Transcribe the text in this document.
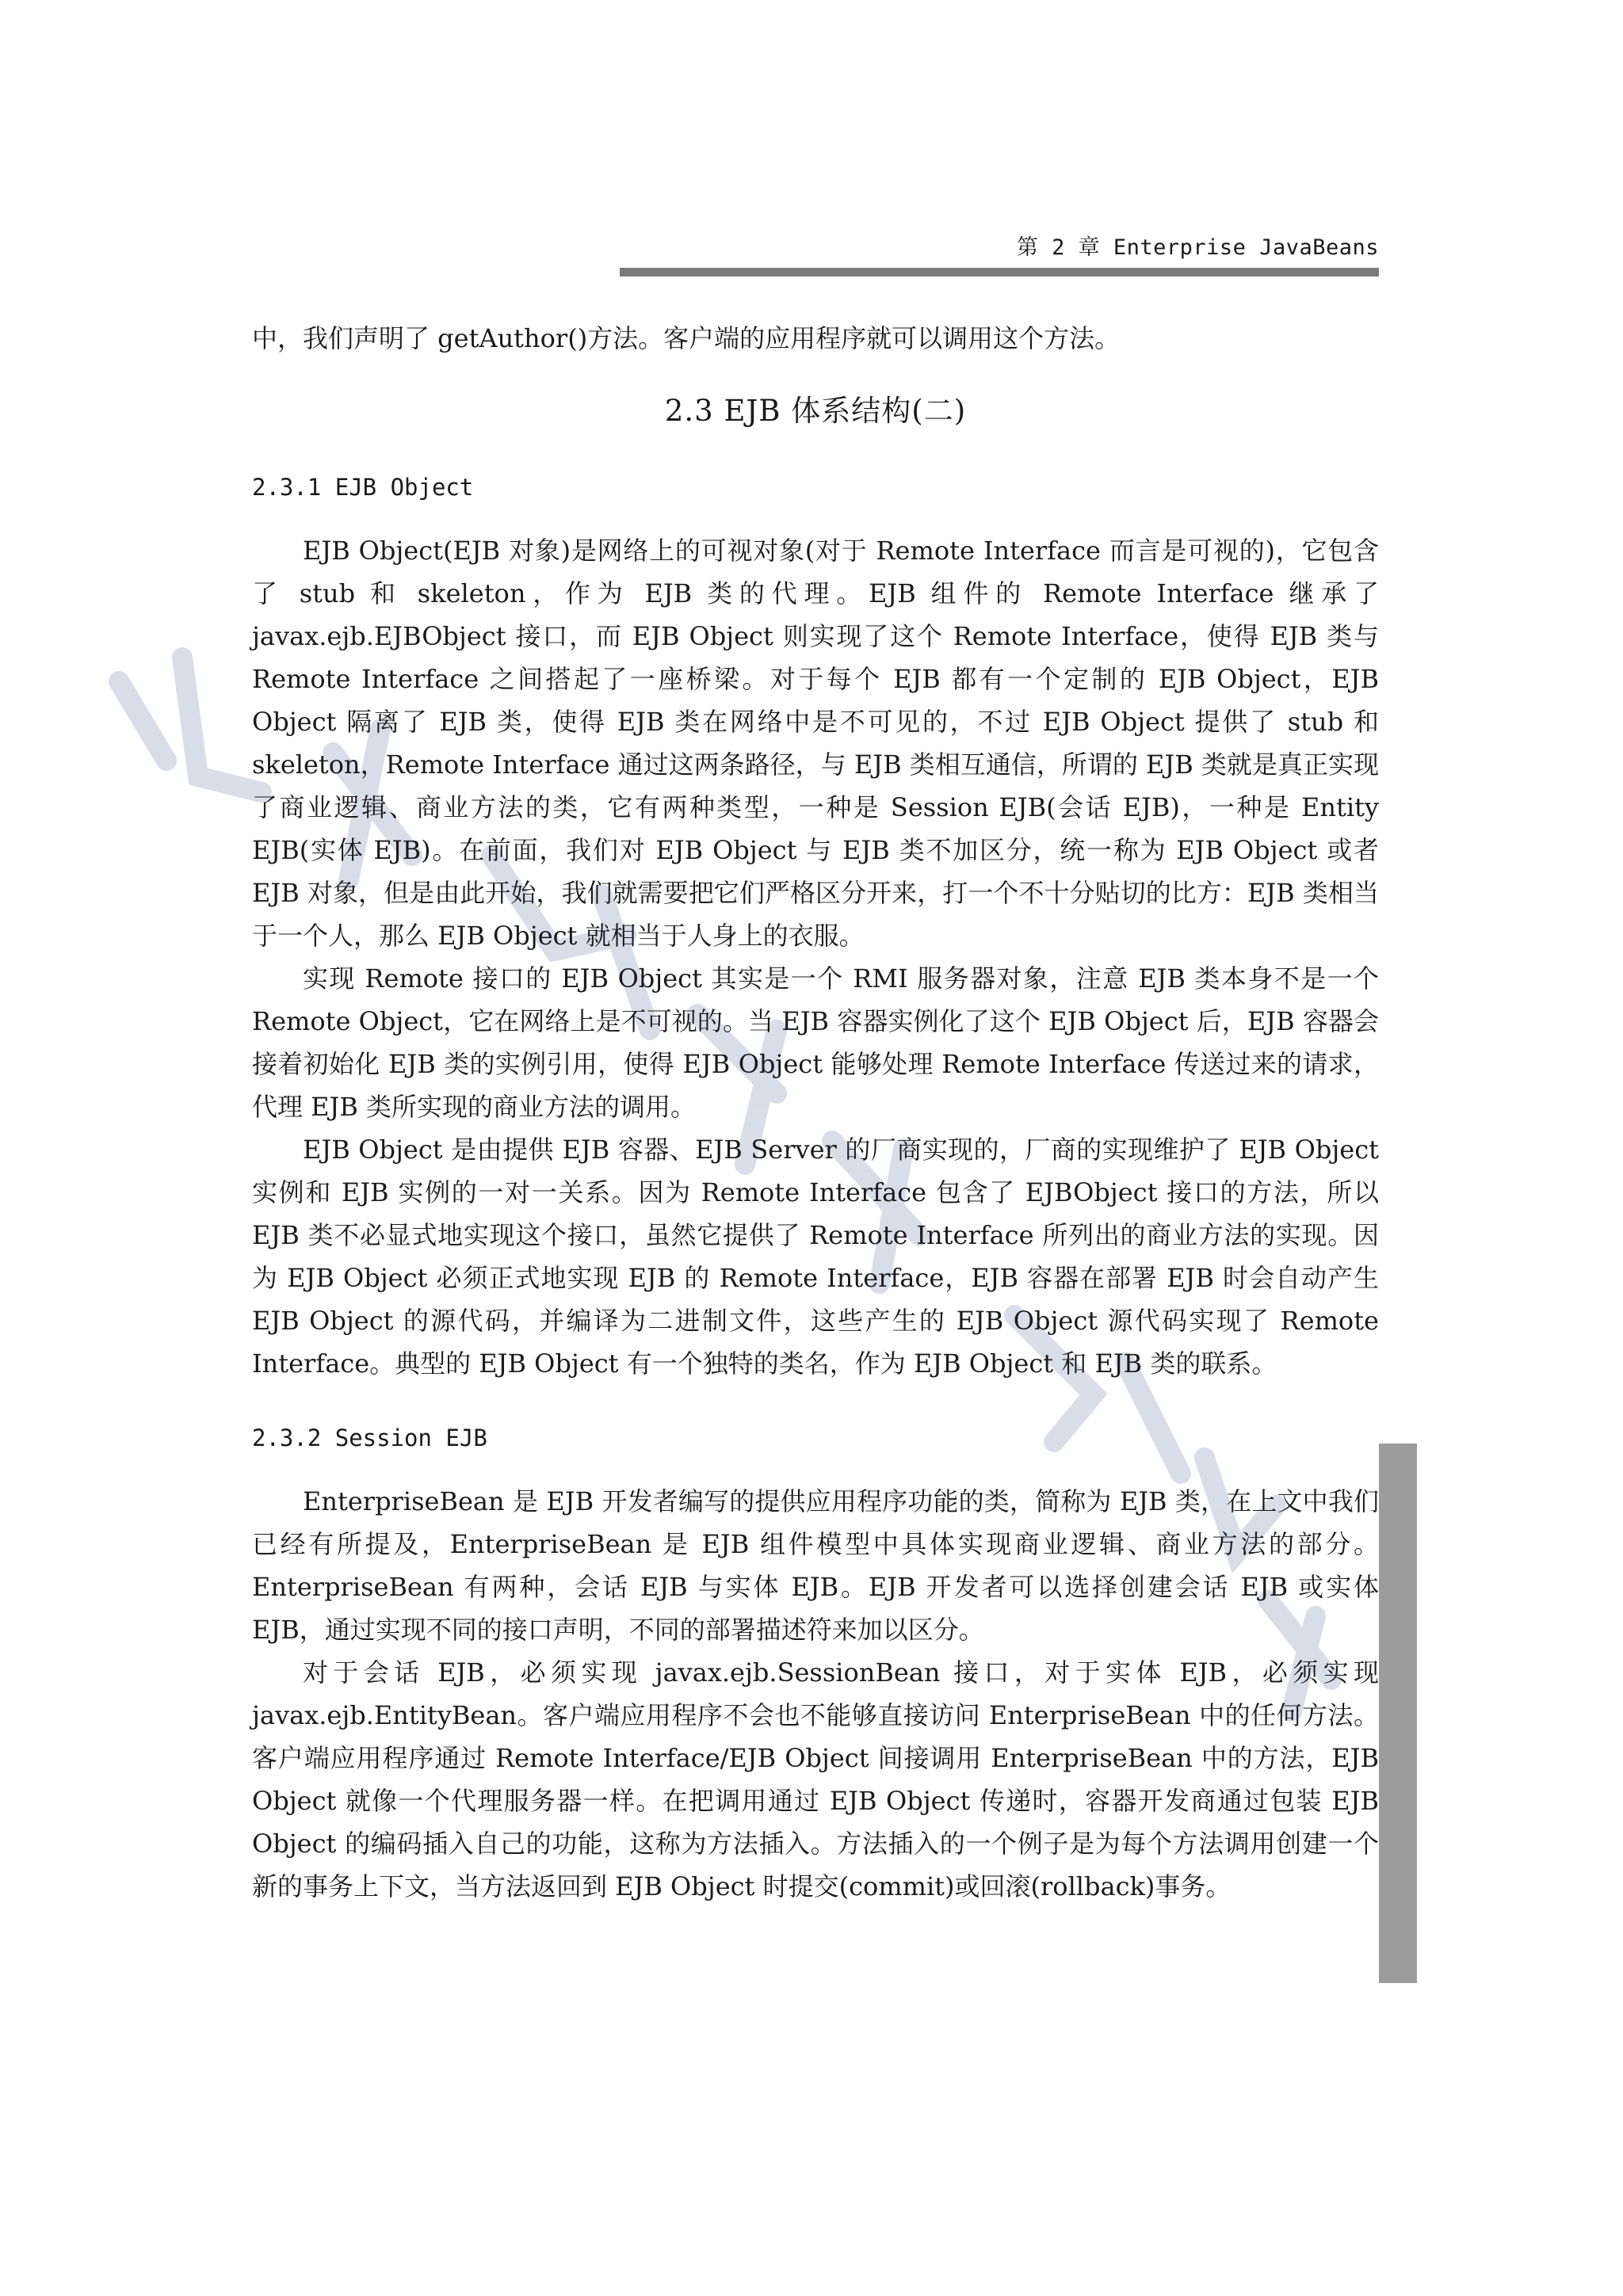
第 2 章 Enterprise JavaBeans

中，我们声明了 getAuthor()方法。客户端的应用程序就可以调用这个方法。

2.3 EJB 体系结构(二)
2.3.1 EJB Object

EJB Object(EJB 对象)是网络上的可视对象(对于 Remote Interface 而言是可视的)，它包含了 stub 和 skeleton，作为 EJB 类的代理。EJB 组件的 Remote Interface 继承了 javax.ejb.EJBObject 接口，而 EJB Object 则实现了这个 Remote Interface，使得 EJB 类与 Remote Interface 之间搭起了一座桥梁。对于每个 EJB 都有一个定制的 EJB Object，EJB Object 隔离了 EJB 类，使得 EJB 类在网络中是不可见的，不过 EJB Object 提供了 stub 和 skeleton，Remote Interface 通过这两条路径，与 EJB 类相互通信，所谓的 EJB 类就是真正实现了商业逻辑、商业方法的类，它有两种类型，一种是 Session EJB(会话 EJB)，一种是 Entity EJB(实体 EJB)。在前面，我们对 EJB Object 与 EJB 类不加区分，统一称为 EJB Object 或者 EJB 对象，但是由此开始，我们就需要把它们严格区分开来，打一个不十分贴切的比方：EJB 类相当于一个人，那么 EJB Object 就相当于人身上的衣服。

实现 Remote 接口的 EJB Object 其实是一个 RMI 服务器对象，注意 EJB 类本身不是一个 Remote Object，它在网络上是不可视的。当 EJB 容器实例化了这个 EJB Object 后，EJB 容器会接着初始化 EJB 类的实例引用，使得 EJB Object 能够处理 Remote Interface 传送过来的请求，代理 EJB 类所实现的商业方法的调用。

EJB Object 是由提供 EJB 容器、EJB Server 的厂商实现的，厂商的实现维护了 EJB Object 实例和 EJB 实例的一对一关系。因为 Remote Interface 包含了 EJBObject 接口的方法，所以 EJB 类不必显式地实现这个接口，虽然它提供了 Remote Interface 所列出的商业方法的实现。因为 EJB Object 必须正式地实现 EJB 的 Remote Interface，EJB 容器在部署 EJB 时会自动产生 EJB Object 的源代码，并编译为二进制文件，这些产生的 EJB Object 源代码实现了 Remote Interface。典型的 EJB Object 有一个独特的类名，作为 EJB Object 和 EJB 类的联系。

2.3.2 Session EJB

EnterpriseBean 是 EJB 开发者编写的提供应用程序功能的类，简称为 EJB 类，在上文中我们已经有所提及，EnterpriseBean 是 EJB 组件模型中具体实现商业逻辑、商业方法的部分。EnterpriseBean 有两种，会话 EJB 与实体 EJB。EJB 开发者可以选择创建会话 EJB 或实体 EJB，通过实现不同的接口声明，不同的部署描述符来加以区分。

对于会话 EJB，必须实现 javax.ejb.SessionBean 接口，对于实体 EJB，必须实现 javax.ejb.EntityBean。客户端应用程序不会也不能够直接访问 EnterpriseBean 中的任何方法。客户端应用程序通过 Remote Interface/EJB Object 间接调用 EnterpriseBean 中的方法，EJB Object 就像一个代理服务器一样。在把调用通过 EJB Object 传递时，容器开发商通过包装 EJB Object 的编码插入自己的功能，这称为方法插入。方法插入的一个例子是为每个方法调用创建一个新的事务上下文，当方法返回到 EJB Object 时提交(commit)或回滚(rollback)事务。
